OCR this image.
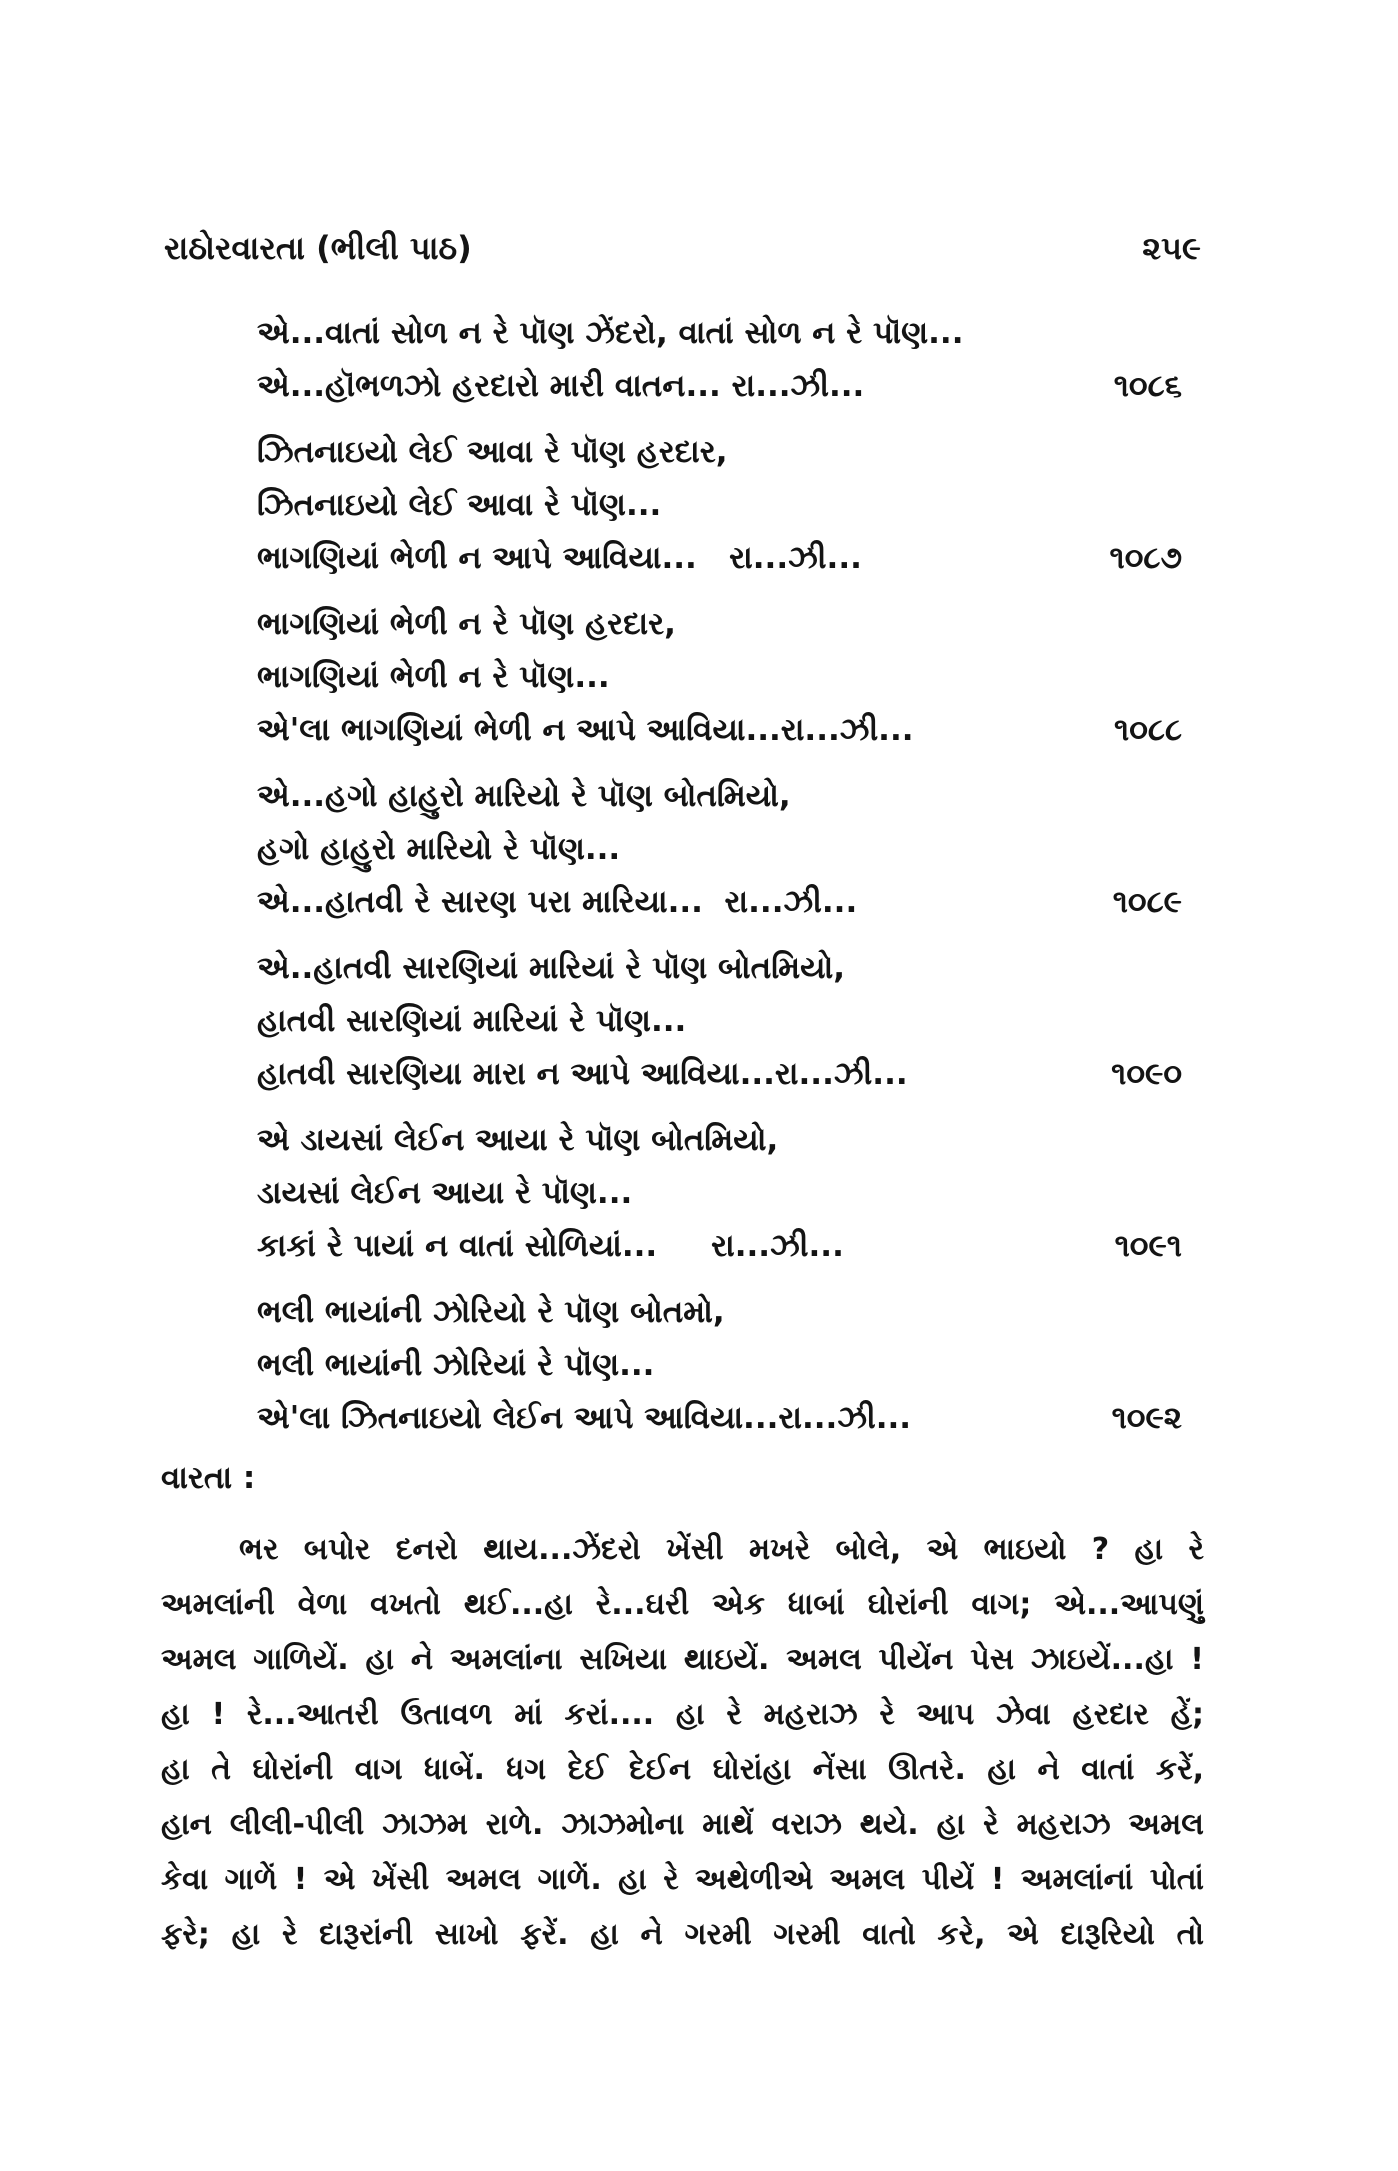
રાઠોરવારતા (ભીલી પાઠ)	૨૫૯
એ...વાતાં સોળ ન રે પૉણ ઝેંદરો, વાતાં સોળ ન રે પૉણ...
એ...હૉભળઝો હરદારો મારી વાતન... રા...ઝી...	૧૦૮૬
ઝિતનાઇયો લેઈ આવા રે પૉણ હરદાર,
ઝિતનાઇયો લેઈ આવા રે પૉણ...
ભાગણિયાં ભેળી ન આપે આવિયા...   રા...ઝી...	૧૦૮૭
ભાગણિયાં ભેળી ન રે પૉણ હરદાર,
ભાગણિયાં ભેળી ન રે પૉણ...
એ'લા ભાગણિયાં ભેળી ન આપે આવિયા...રા...ઝી...	૧૦૮૮
એ...હગો હાહુરો મારિયો રે પૉણ બોતમિયો,
હગો હાહુરો મારિયો રે પૉણ...
એ...હાતવી રે સારણ પરા મારિયા...  રા...ઝી...	૧૦૮૯
એ..હાતવી સારણિયાં મારિયાં રે પૉણ બોતમિયો,
હાતવી સારણિયાં મારિયાં રે પૉણ...
હાતવી સારણિયા મારા ન આપે આવિયા...રા...ઝી...	૧૦૯૦
એ ડાયસાં લેઈન આયા રે પૉણ બોતમિયો,
ડાયસાં લેઈન આયા રે પૉણ...
કાકાં રે પાયાં ન વાતાં સોળિયાં...     રા...ઝી...	૧૦૯૧
ભલી ભાયાંની ઝોરિયો રે પૉણ બોતમો,
ભલી ભાયાંની ઝોરિયાં રે પૉણ...
એ'લા ઝિતનાઇયો લેઈન આપે આવિયા...રા...ઝી...	૧૦૯૨
વારતા :
ભર બપોર દનરો થાય...ઝેંદરો ખેંસી મખરે બોલે, એ ભાઇયો ? હા રે
અમલાંની વેળા વખતો થઈ...હા રે...ઘરી એક ધાબાં ઘોરાંની વાગ; એ...આપણું
અમલ ગાળિયેં. હા ને અમલાંના સખિયા થાઇયેં. અમલ પીયેંન પેસ ઝાઇયેં...હા !
હા ! રે...આતરી ઉતાવળ માં કરાં.... હા રે મહરાઝ રે આપ ઝેવા હરદાર હેં;
હા તે ઘોરાંની વાગ ધાબેં. ધગ દેઈ દેઈન ઘોરાંહા નેંસા ઊતરે. હા ને વાતાં કરેં,
હાન લીલી-પીલી ઝાઝમ રાળે. ઝાઝમોના માથેં વરાઝ થયે. હા રે મહરાઝ અમલ
કેવા ગાળેં ! એ ખેંસી અમલ ગાળેં. હા રે અથેળીએ અમલ પીયેં ! અમલાંનાં પોતાં
ફરે; હા રે દારૂરાંની સાખો ફરેં. હા ને ગરમી ગરમી વાતો કરે, એ દારૂરિયો તો
